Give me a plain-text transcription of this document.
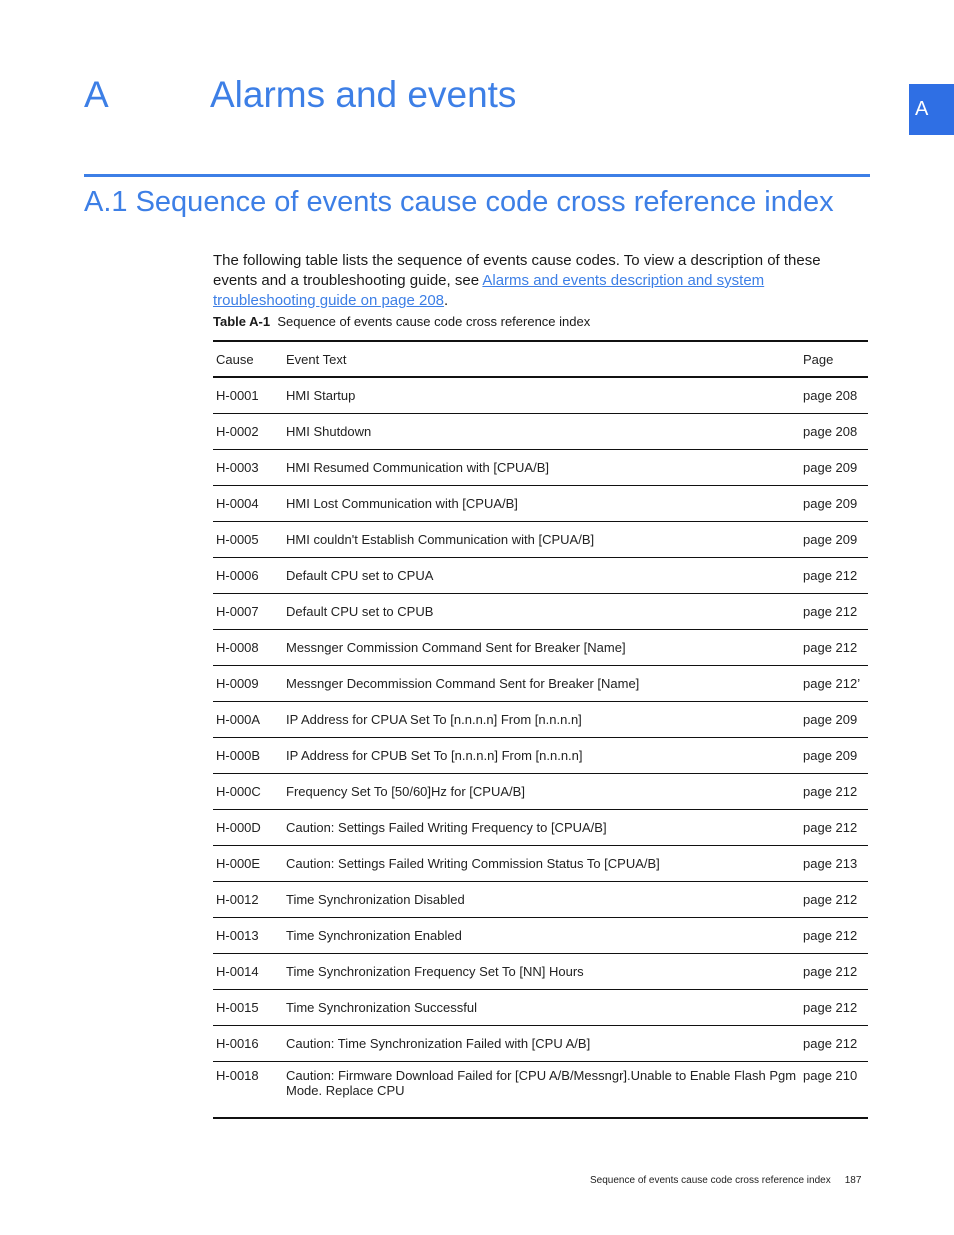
A	Alarms and events	A
A.1 Sequence of events cause code cross reference index

The following table lists the sequence of events cause codes. To view a description of these events and a troubleshooting guide, see Alarms and events description and system troubleshooting guide on page 208.

Table A-1 Sequence of events cause code cross reference index
Cause	Event Text	Page
H-0001	HMI Startup	page 208
H-0002	HMI Shutdown	page 208
H-0003	HMI Resumed Communication with [CPUA/B]	page 209
H-0004	HMI Lost Communication with [CPUA/B]	page 209
H-0005	HMI couldn't Establish Communication with [CPUA/B]	page 209
H-0006	Default CPU set to CPUA	page 212
H-0007	Default CPU set to CPUB	page 212
H-0008	Messnger Commission Command Sent for Breaker [Name]	page 212
H-0009	Messnger Decommission Command Sent for Breaker [Name]	page 212’
H-000A	IP Address for CPUA Set To [n.n.n.n] From [n.n.n.n]	page 209
H-000B	IP Address for CPUB Set To [n.n.n.n] From [n.n.n.n]	page 209
H-000C	Frequency Set To [50/60]Hz for [CPUA/B]	page 212
H-000D	Caution: Settings Failed Writing Frequency to [CPUA/B]	page 212
H-000E	Caution: Settings Failed Writing Commission Status To [CPUA/B]	page 213
H-0012	Time Synchronization Disabled	page 212
H-0013	Time Synchronization Enabled	page 212
H-0014	Time Synchronization Frequency Set To [NN] Hours	page 212
H-0015	Time Synchronization Successful	page 212
H-0016	Caution: Time Synchronization Failed with [CPU A/B]	page 212
H-0018	Caution: Firmware Download Failed for [CPU A/B/Messngr].Unable to Enable Flash Pgm Mode. Replace CPU	page 210
Sequence of events cause code cross reference index 187
